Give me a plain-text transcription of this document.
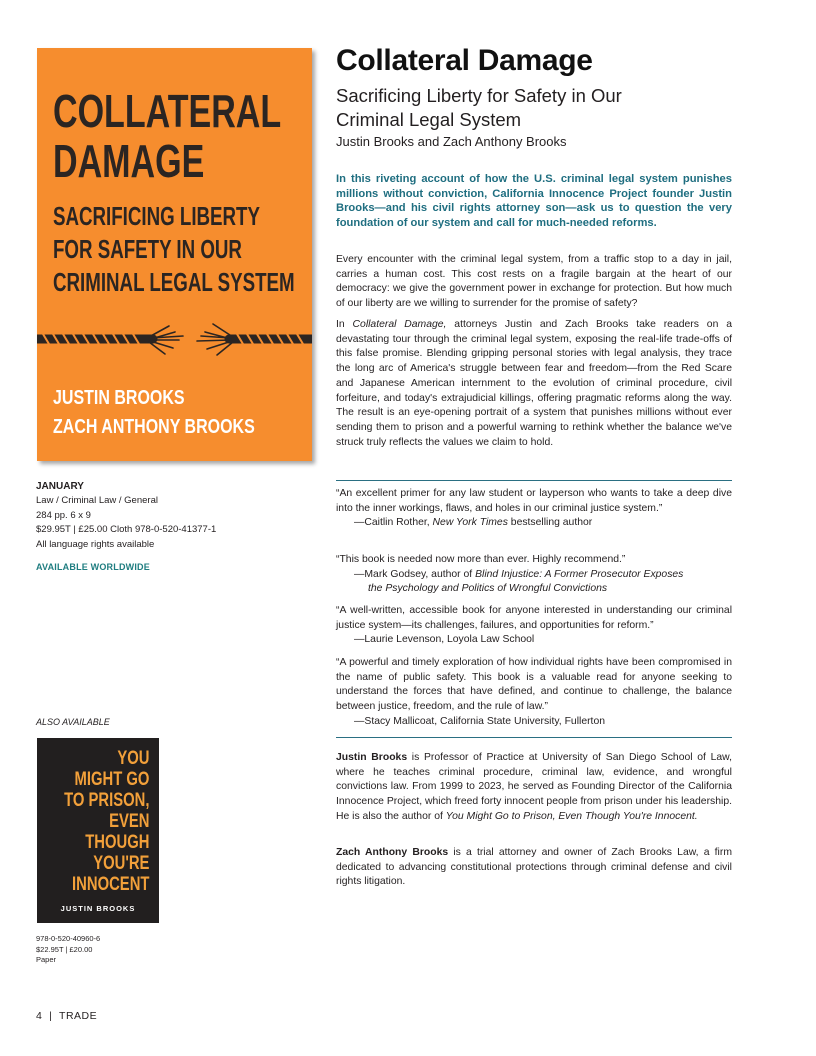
COLLATERAL
DAMAGE
SACRIFICING LIBERTY
FOR SAFETY IN OUR
CRIMINAL LEGAL SYSTEM
JUSTIN BROOKS
ZACH ANTHONY BROOKS
Collateral Damage
Sacrificing Liberty for Safety in Our
Criminal Legal System
Justin Brooks and Zach Anthony Brooks
In this riveting account of how the U.S. criminal legal system punishes millions without conviction, California Innocence Project founder Justin Brooks—and his civil rights attorney son—ask us to question the very foundation of our system and call for much-needed reforms.
Every encounter with the criminal legal system, from a traffic stop to a day in jail, carries a human cost. This cost rests on a fragile bargain at the heart of our democracy: we give the government power in exchange for protection. But how much of our liberty are we willing to surrender for the promise of safety?
In Collateral Damage, attorneys Justin and Zach Brooks take readers on a devastating tour through the criminal legal system, exposing the real-life trade-offs of this false promise. Blending gripping personal stories with legal analysis, they trace the long arc of America's struggle between fear and freedom—from the Red Scare and Japanese American internment to the evolution of criminal procedure, civil forfeiture, and today's extrajudicial killings, offering pragmatic reforms along the way. The result is an eye-opening portrait of a system that punishes millions without ever sending them to prison and a powerful warning to rethink whether the balance we've struck truly reflects the values we claim to hold.
“An excellent primer for any law student or layperson who wants to take a deep dive into the inner workings, flaws, and holes in our criminal justice system.”
—Caitlin Rother, New York Times bestselling author
“This book is needed now more than ever. Highly recommend.”
—Mark Godsey, author of Blind Injustice: A Former Prosecutor Exposes
the Psychology and Politics of Wrongful Convictions
“A well-written, accessible book for anyone interested in understanding our criminal justice system—its challenges, failures, and opportunities for reform.”
—Laurie Levenson, Loyola Law School
“A powerful and timely exploration of how individual rights have been compromised in the name of public safety. This book is a valuable read for anyone seeking to understand the forces that have defined, and continue to challenge, the balance between justice, freedom, and the rule of law.”
—Stacy Mallicoat, California State University, Fullerton
Justin Brooks is Professor of Practice at University of San Diego School of Law, where he teaches criminal procedure, criminal law, evidence, and wrongful convictions law. From 1999 to 2023, he served as Founding Director of the California Innocence Project, which freed forty innocent people from prison under his leadership. He is also the author of You Might Go to Prison, Even Though You're Innocent.
Zach Anthony Brooks is a trial attorney and owner of Zach Brooks Law, a firm dedicated to advancing constitutional protections through criminal defense and civil rights litigation.
JANUARY
Law / Criminal Law / General
284 pp. 6 x 9
$29.95T | £25.00 Cloth 978-0-520-41377-1
All language rights available
AVAILABLE WORLDWIDE
ALSO AVAILABLE
YOU
MIGHT GO
TO PRISON,
EVEN
THOUGH
YOU'RE
INNOCENT
JUSTIN BROOKS
978-0-520-40960-6
$22.95T | £20.00
Paper
4  |  TRADE
